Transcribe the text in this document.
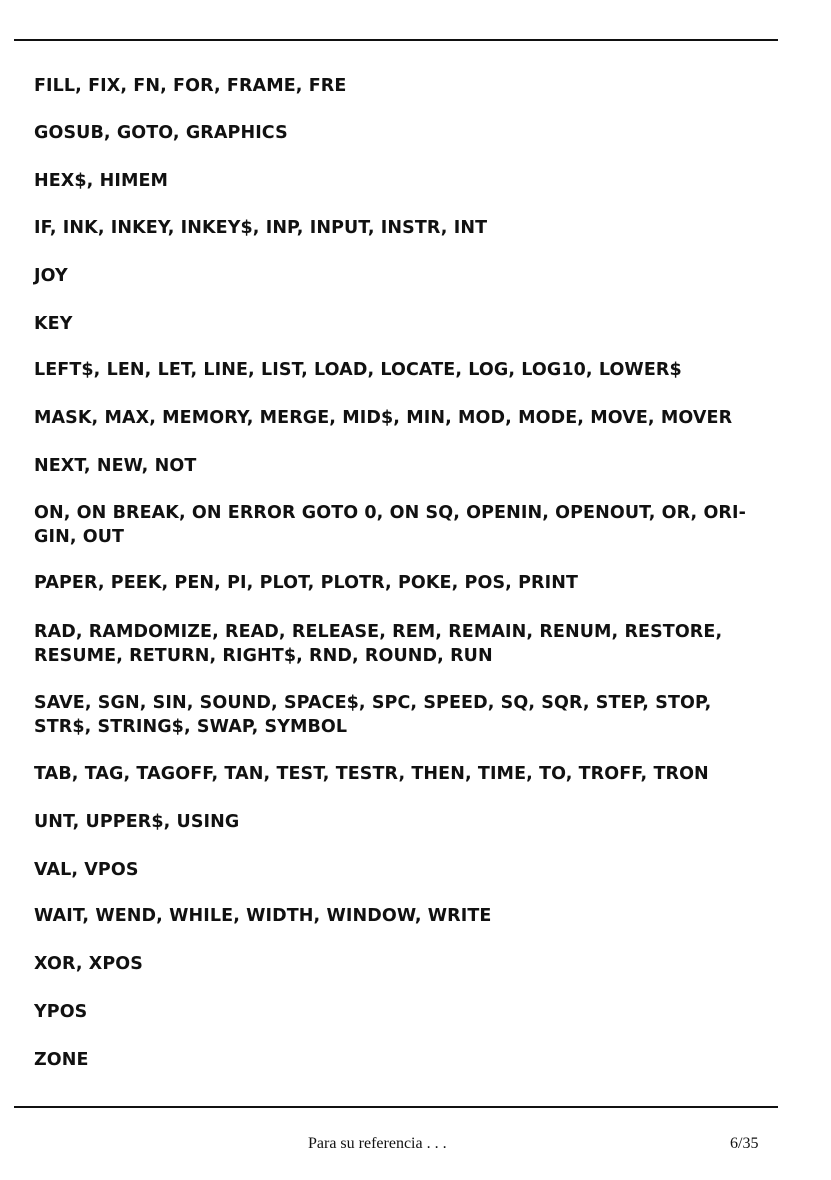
FILL, FIX, FN, FOR, FRAME, FRE

GOSUB, GOTO, GRAPHICS

HEX$, HIMEM

IF, INK, INKEY, INKEY$, INP, INPUT, INSTR, INT

JOY

KEY

LEFT$, LEN, LET, LINE, LIST, LOAD, LOCATE, LOG, LOG10, LOWER$

MASK, MAX, MEMORY, MERGE, MID$, MIN, MOD, MODE, MOVE, MOVER

NEXT, NEW, NOT

ON, ON BREAK, ON ERROR GOTO 0, ON SQ, OPENIN, OPENOUT, OR, ORI-
GIN, OUT

PAPER, PEEK, PEN, PI, PLOT, PLOTR, POKE, POS, PRINT

RAD, RAMDOMIZE, READ, RELEASE, REM, REMAIN, RENUM, RESTORE,
RESUME, RETURN, RIGHT$, RND, ROUND, RUN

SAVE, SGN, SIN, SOUND, SPACE$, SPC, SPEED, SQ, SQR, STEP, STOP,
STR$, STRING$, SWAP, SYMBOL

TAB, TAG, TAGOFF, TAN, TEST, TESTR, THEN, TIME, TO, TROFF, TRON

UNT, UPPER$, USING

VAL, VPOS

WAIT, WEND, WHILE, WIDTH, WINDOW, WRITE

XOR, XPOS

YPOS

ZONE

Para su referencia . . .	6/35
